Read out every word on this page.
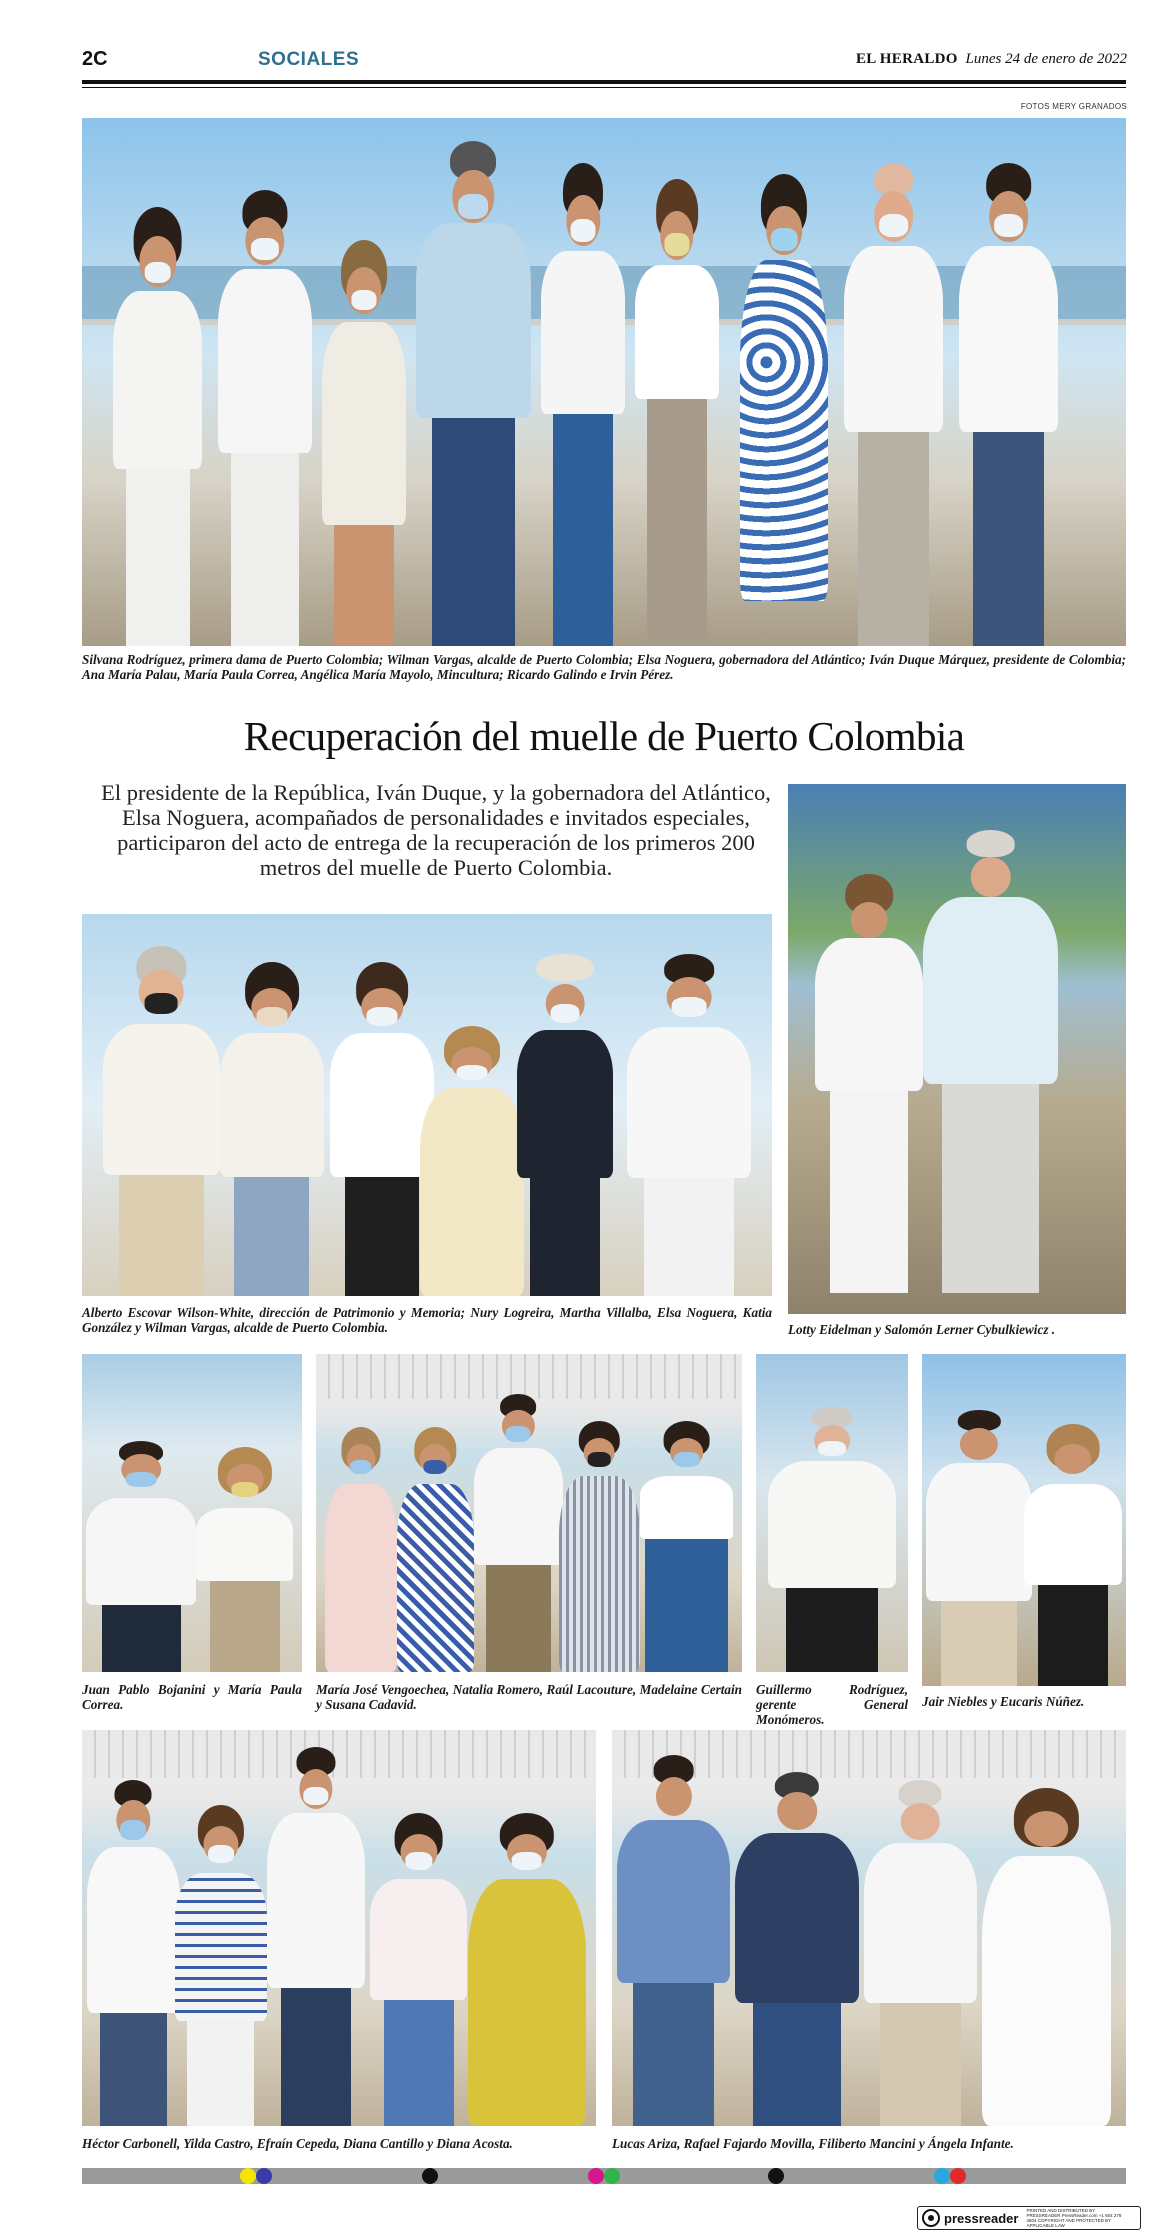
2C	SOCIALES	EL HERALDO Lunes 24 de enero de 2022
FOTOS MERY GRANADOS
Silvana Rodríguez, primera dama de Puerto Colombia; Wilman Vargas, alcalde de Puerto Colombia; Elsa Noguera, gobernadora del Atlántico; Iván Duque Márquez, presidente de Colombia; Ana María Palau, María Paula Correa, Angélica María Mayolo, Mincultura; Ricardo Galindo e Irvin Pérez.
Recuperación del muelle de Puerto Colombia

El presidente de la República, Iván Duque, y la gobernadora del Atlántico, Elsa Noguera, acompañados de personalidades e invitados especiales, participaron del acto de entrega de la recuperación de los primeros 200 metros del muelle de Puerto Colombia.

Alberto Escovar Wilson-White, dirección de Patrimonio y Memoria; Nury Logreira, Martha Villalba, Elsa Noguera, Katia González y Wilman Vargas, alcalde de Puerto Colombia.	Lotty Eidelman y Salomón Lerner Cybulkiewicz .
Juan Pablo Bojanini y María Paula Correa.
María José Vengoechea, Natalia Romero, Raúl Lacouture, Madelaine Certain y Susana Cadavid.
Guillermo Rodríguez, gerente General Monómeros.
Jair Niebles y Eucaris Núñez.
Héctor Carbonell, Yilda Castro, Efraín Cepeda, Diana Cantillo y Diana Acosta.	Lucas Ariza, Rafael Fajardo Movilla, Filiberto Mancini y Ángela Infante.
pressreader PRINTED AND DISTRIBUTED BY PRESSREADER PressReader.com +1 604 278 4604 COPYRIGHT AND PROTECTED BY APPLICABLE LAW
